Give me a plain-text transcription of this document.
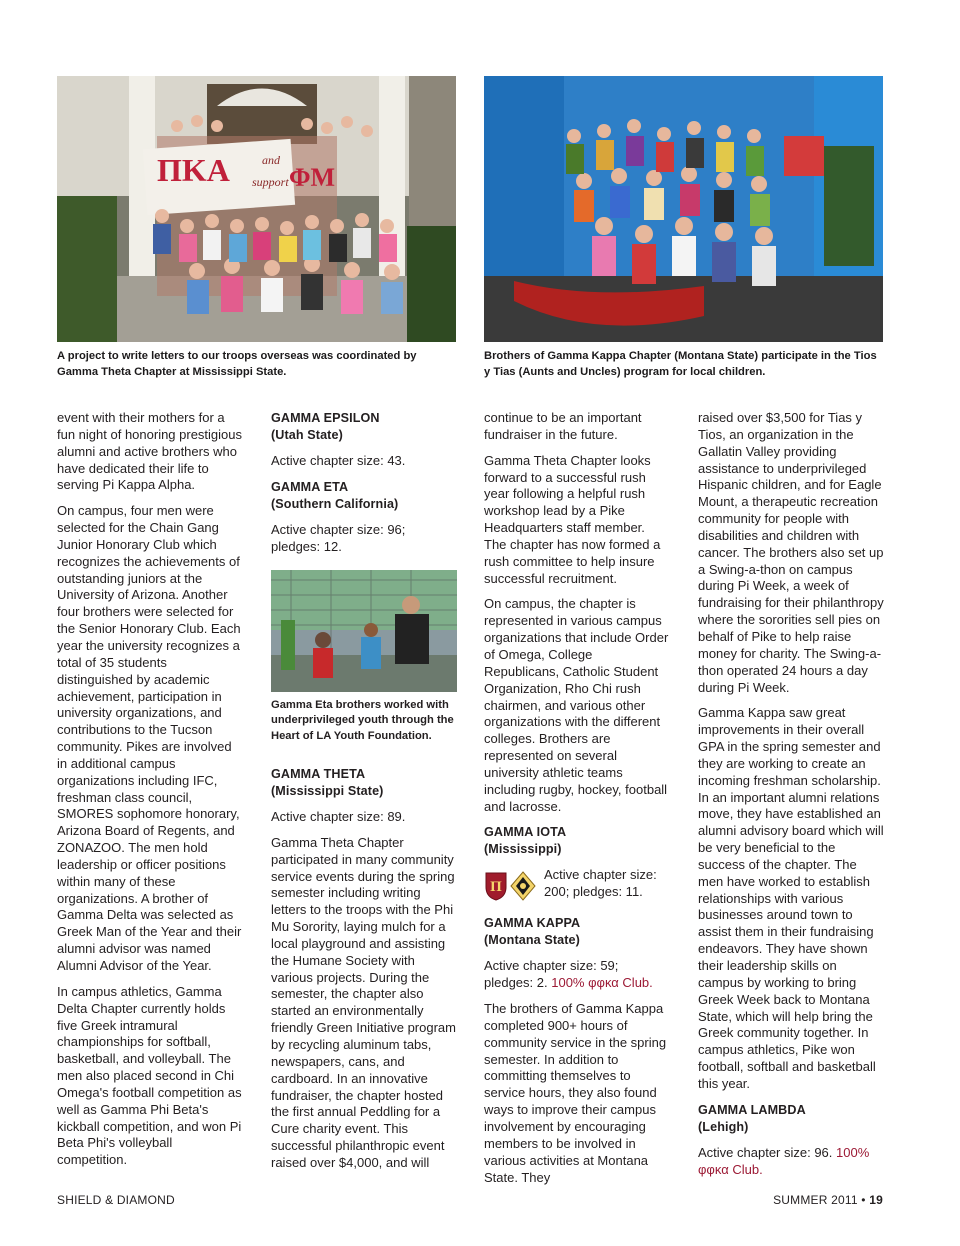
ΠΚΑ	and
support ΦΜ
A project to write letters to our troops overseas was coordinated by Gamma Theta Chapter at Mississippi State.
Brothers of Gamma Kappa Chapter (Montana State) participate in the Tios y Tias (Aunts and Uncles) program for local children.

event with their mothers for a fun night of honoring prestigious alumni and active brothers who have dedicated their life to serving Pi Kappa Alpha.

On campus, four men were selected for the Chain Gang Junior Honorary Club which recognizes the achievements of outstanding juniors at the University of Arizona. Another four brothers were selected for the Senior Honorary Club. Each year the university recognizes a total of 35 students distinguished by academic achievement, participation in university organizations, and contributions to the Tucson community. Pikes are involved in additional campus organizations including IFC, freshman class council, SMORES sophomore honorary, Arizona Board of Regents, and ZONAZOO. The men hold leadership or officer positions within many of these organizations. A brother of Gamma Delta was selected as Greek Man of the Year and their alumni advisor was named Alumni Advisor of the Year.

In campus athletics, Gamma Delta Chapter currently holds five Greek intramural championships for softball, basketball, and volleyball. The men also placed second in Chi Omega's football competition as well as Gamma Phi Beta's kickball competition, and won Pi Beta Phi's volleyball competition.

GAMMA EPSILON
(Utah State)

Active chapter size: 43.

GAMMA ETA
(Southern California)

Active chapter size: 96; pledges: 12.

Gamma Eta brothers worked with underprivileged youth through the Heart of LA Youth Foundation.
GAMMA THETA
(Mississippi State)

Active chapter size: 89.

Gamma Theta Chapter participated in many community service events during the spring semester including writing letters to the troops with the Phi Mu Sorority, laying mulch for a local playground and assisting the Humane Society with various projects. During the semester, the chapter also started an environmentally friendly Green Initiative program by recycling aluminum tabs, newspapers, cans, and cardboard. In an innovative fundraiser, the chapter hosted the first annual Peddling for a Cure charity event. This successful philanthropic event raised over $4,000, and will

continue to be an important fundraiser in the future.

Gamma Theta Chapter looks forward to a successful rush year following a helpful rush workshop lead by a Pike Headquarters staff member. The chapter has now formed a rush committee to help insure successful recruitment.

On campus, the chapter is represented in various campus organizations that include Order of Omega, College Republicans, Catholic Student Organization, Rho Chi rush chairmen, and various other organizations with the different colleges. Brothers are represented on several university athletic teams including rugby, hockey, football and lacrosse.

GAMMA IOTA
(Mississippi)
Π
Active chapter size: 200; pledges: 11.
GAMMA KAPPA
(Montana State)

Active chapter size: 59; pledges: 2. 100% φφκα Club.

The brothers of Gamma Kappa completed 900+ hours of community service in the spring semester. In addition to committing themselves to service hours, they also found ways to improve their campus involvement by encouraging members to be involved in various activities at Montana State. They

raised over $3,500 for Tias y Tios, an organization in the Gallatin Valley providing assistance to underprivileged Hispanic children, and for Eagle Mount, a therapeutic recreation community for people with disabilities and children with cancer. The brothers also set up a Swing-a-thon on campus during Pi Week, a week of fundraising for their philanthropy where the sororities sell pies on behalf of Pike to help raise money for charity. The Swing-a-thon operated 24 hours a day during Pi Week.

Gamma Kappa saw great improvements in their overall GPA in the spring semester and they are working to create an incoming freshman scholarship. In an important alumni relations move, they have established an alumni advisory board which will be very beneficial to the success of the chapter. The men have worked to establish relationships with various businesses around town to assist them in their fundraising endeavors. They have shown their leadership skills on campus by working to bring Greek Week back to Montana State, which will help bring the Greek community together. In campus athletics, Pike won football, softball and basketball this year.

GAMMA LAMBDA
(Lehigh)

Active chapter size: 96. 100% φφκα Club.

SHIELD & DIAMOND	SUMMER 2011 • 19
